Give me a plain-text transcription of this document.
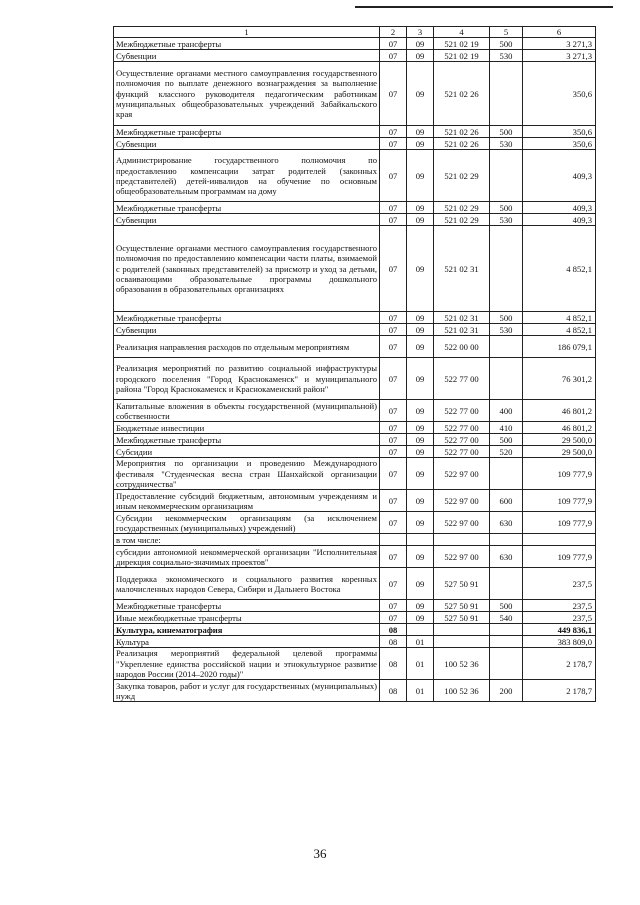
1	2	3	4	5	6
Межбюджетные трансферты	07	09	521 02 19	500	3 271,3
Субвенции	07	09	521 02 19	530	3 271,3
Осуществление органами местного самоуправления государственного полномочия по выплате денежного вознаграждения за выполнение функций классного руководителя педагогическим работникам муниципальных общеобразовательных учреждений Забайкальского края	07	09	521 02 26		350,6
Межбюджетные трансферты	07	09	521 02 26	500	350,6
Субвенции	07	09	521 02 26	530	350,6
Администрирование государственного полномочия по предоставлению компенсации затрат родителей (законных представителей) детей-инвалидов на обучение по основным общеобразовательным программам на дому	07	09	521 02 29		409,3
Межбюджетные трансферты	07	09	521 02 29	500	409,3
Субвенции	07	09	521 02 29	530	409,3
Осуществление органами местного самоуправления государственного полномочия по предоставлению компенсации части платы, взимаемой с родителей (законных представителей) за присмотр и уход за детьми, осваивающими образовательные программы дошкольного образования в образовательных организациях	07	09	521 02 31		4 852,1
Межбюджетные трансферты	07	09	521 02 31	500	4 852,1
Субвенции	07	09	521 02 31	530	4 852,1
Реализация направления расходов по отдельным мероприятиям	07	09	522 00 00		186 079,1
Реализация мероприятий по развитию социальной инфраструктуры городского поселения "Город Краснокаменск" и муниципального района "Город Краснокаменск и Краснокаменский район"	07	09	522 77 00		76 301,2
Капитальные вложения в объекты государственной (муниципальной) собственности	07	09	522 77 00	400	46 801,2
Бюджетные инвестиции	07	09	522 77 00	410	46 801,2
Межбюджетные трансферты	07	09	522 77 00	500	29 500,0
Субсидии	07	09	522 77 00	520	29 500,0
Мероприятия по организации и проведению Международного фестиваля "Студенческая весна стран Шанхайской организации сотрудничества"	07	09	522 97 00		109 777,9
Предоставление субсидий бюджетным, автономным учреждениям и иным некоммерческим организациям	07	09	522 97 00	600	109 777,9
Субсидии некоммерческим организациям (за исключением государственных (муниципальных) учреждений)	07	09	522 97 00	630	109 777,9
в том числе:					
субсидии автономной некоммерческой организации "Исполнительная дирекция социально-значимых проектов"	07	09	522 97 00	630	109 777,9
Поддержка экономического и социального развития коренных малочисленных народов Севера, Сибири и Дальнего Востока	07	09	527 50 91		237,5
Межбюджетные трансферты	07	09	527 50 91	500	237,5
Иные межбюджетные трансферты	07	09	527 50 91	540	237,5
Культура, кинематография	08				449 836,1
Культура	08	01			383 809,0
Реализация мероприятий федеральной целевой программы "Укрепление единства российской нации и этнокультурное развитие народов России (2014–2020 годы)"	08	01	100 52 36		2 178,7
Закупка товаров, работ и услуг для государственных (муниципальных) нужд	08	01	100 52 36	200	2 178,7
36
